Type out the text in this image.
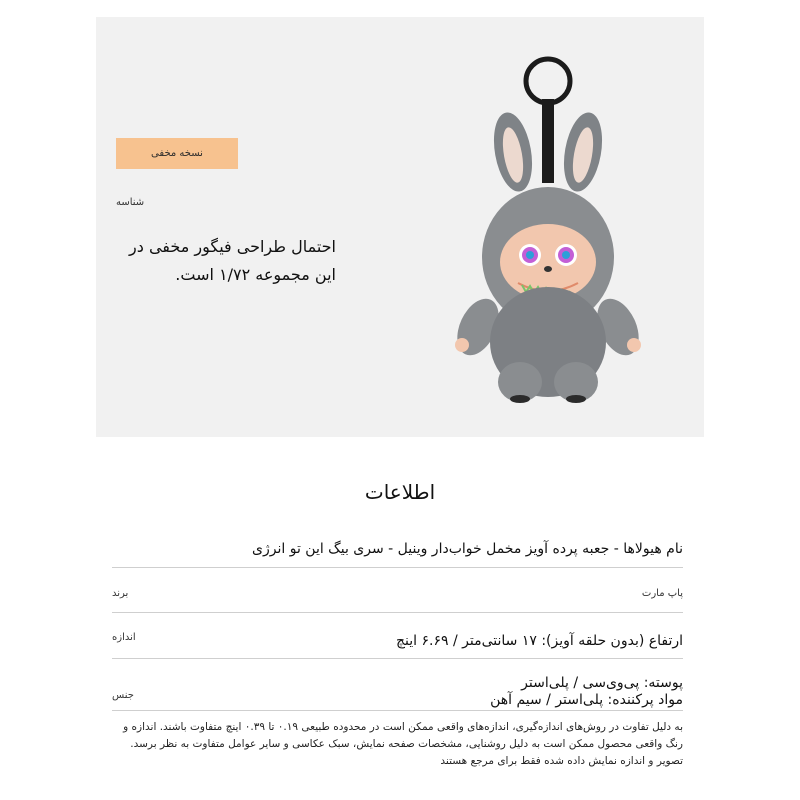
نسخه مخفی
شناسه
احتمال طراحی فیگور مخفی در این مجموعه ۱/۷۲ است.
اطلاعات
نام هیولاها - جعبه پرده آویز مخمل خواب‌دار وینیل - سری بیگ این تو انرژی
برند	پاپ مارت
اندازه	ارتفاع (بدون حلقه آویز): ۱۷ سانتی‌متر / ۶.۶۹ اینچ
جنس
پوسته: پی‌وی‌سی / پلی‌استر
مواد پرکننده: پلی‌استر / سیم آهن
به دلیل تفاوت در روش‌های اندازه‌گیری، اندازه‌های واقعی ممکن است در محدوده طبیعی ۰.۱۹ تا ۰.۳۹ اینچ متفاوت باشند. اندازه و رنگ واقعی محصول ممکن است به دلیل روشنایی، مشخصات صفحه نمایش، سبک عکاسی و سایر عوامل متفاوت به نظر برسد. تصویر و اندازه نمایش داده شده فقط برای مرجع هستند
